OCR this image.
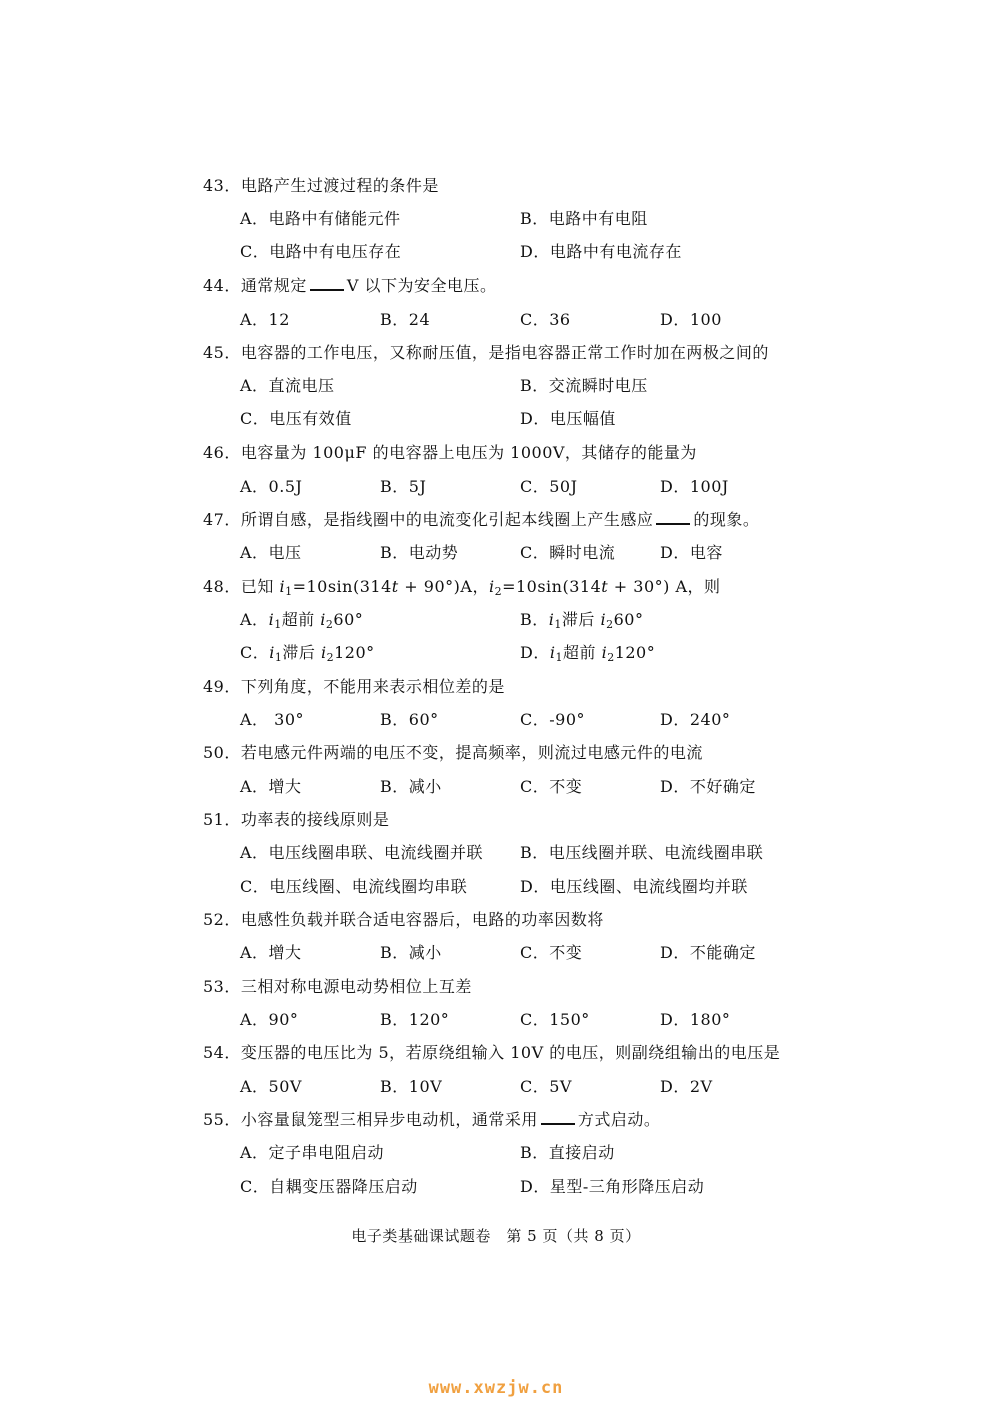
43．电路产生过渡过程的条件是
A．电路中有储能元件	B．电路中有电阻
C．电路中有电压存在	D．电路中有电流存在
44．通常规定	V 以下为安全电压。
A．12	B．24	C．36	D．100
45．电容器的工作电压，又称耐压值，是指电容器正常工作时加在两极之间的
A．直流电压	B．交流瞬时电压
C．电压有效值	D．电压幅值
46．电容量为 100μF 的电容器上电压为 1000V，其储存的能量为
A．0.5J	B．5J	C．50J	D．100J
47．所谓自感，是指线圈中的电流变化引起本线圈上产生感应	的现象。
A．电压	B．电动势	C．瞬时电流	D．电容
48．已知 $i_1=10\sin(314t + 90^\circ)A$，$i_2=10\sin(314t + 30^\circ)$ A，则
A．$i_1$超前 $i_260^\circ$	B．$i_1$滞后 $i_260^\circ$
C．$i_1$滞后 $i_2120^\circ$	D．$i_1$超前 $i_2120^\circ$
49．下列角度，不能用来表示相位差的是
A． 30°	B．60°	C．-90°	D．240°
50．若电感元件两端的电压不变，提高频率，则流过电感元件的电流
A．增大	B．减小	C．不变	D．不好确定
51．功率表的接线原则是
A．电压线圈串联、电流线圈并联 B．电压线圈并联、电流线圈串联
C．电压线圈、电流线圈均串联	D．电压线圈、电流线圈均并联
52．电感性负载并联合适电容器后，电路的功率因数将
A．增大	B．减小	C．不变	D．不能确定
53．三相对称电源电动势相位上互差
A．90°	B．120°	C．150°	D．180°
54．变压器的电压比为 5，若原绕组输入 10V 的电压，则副绕组输出的电压是
A．50V	B．10V	C．5V	D．2V
55．小容量鼠笼型三相异步电动机，通常采用	方式启动。
A．定子串电阻启动	B．直接启动
C．自耦变压器降压启动	D．星型-三角形降压启动
电子类基础课试题卷　第 5 页（共 8 页）
www.xwzjw.cn
